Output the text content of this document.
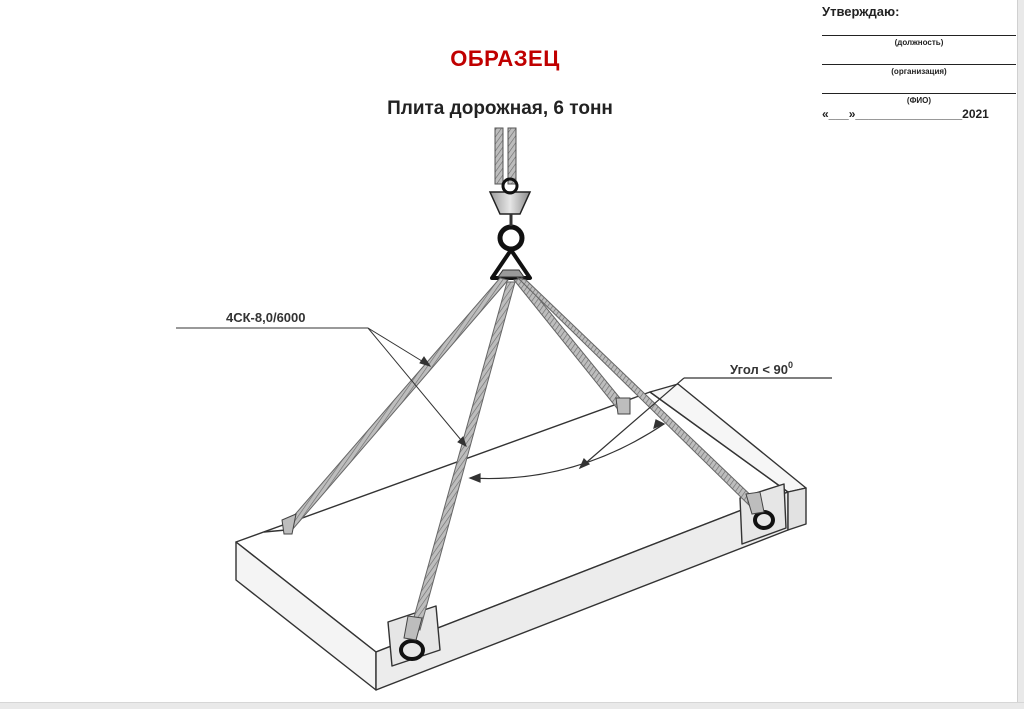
ОБРАЗЕЦ
Плита дорожная, 6 тонн
Утверждаю:
(должность)
(организация)
(ФИО)
«___»________________2021
4СК-8,0/6000
Угол < $90^0$
